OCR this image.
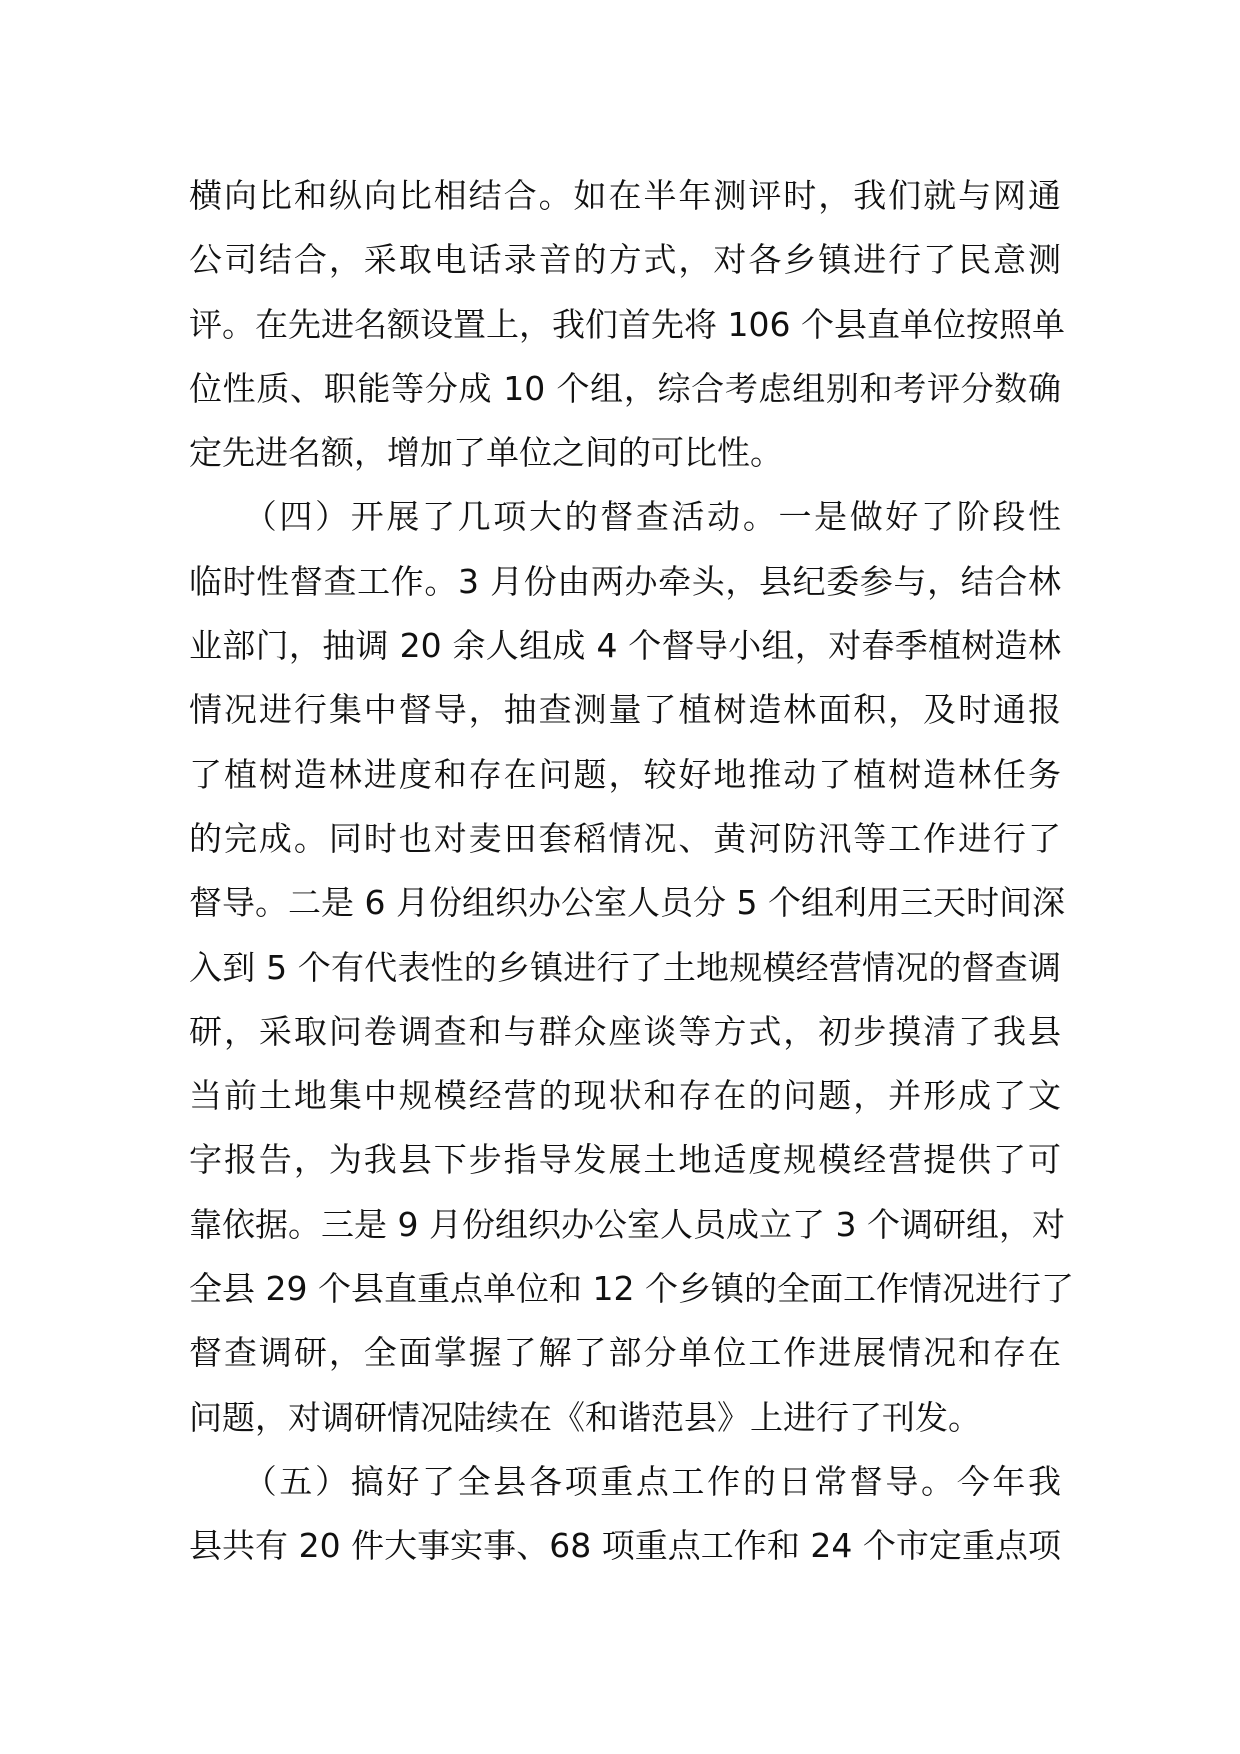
横向比和纵向比相结合。如在半年测评时，我们就与网通
公司结合，采取电话录音的方式，对各乡镇进行了民意测
评。在先进名额设置上，我们首先将 106 个县直单位按照单
位性质、职能等分成 10 个组，综合考虑组别和考评分数确
定先进名额，增加了单位之间的可比性。
　　（四）开展了几项大的督查活动。一是做好了阶段性
临时性督查工作。3 月份由两办牵头，县纪委参与，结合林
业部门，抽调 20 余人组成 4 个督导小组，对春季植树造林
情况进行集中督导，抽查测量了植树造林面积，及时通报
了植树造林进度和存在问题，较好地推动了植树造林任务
的完成。同时也对麦田套稻情况、黄河防汛等工作进行了
督导。二是 6 月份组织办公室人员分 5 个组利用三天时间深
入到 5 个有代表性的乡镇进行了土地规模经营情况的督查调
研，采取问卷调查和与群众座谈等方式，初步摸清了我县
当前土地集中规模经营的现状和存在的问题，并形成了文
字报告，为我县下步指导发展土地适度规模经营提供了可
靠依据。三是 9 月份组织办公室人员成立了 3 个调研组，对
全县 29 个县直重点单位和 12 个乡镇的全面工作情况进行了
督查调研，全面掌握了解了部分单位工作进展情况和存在
问题，对调研情况陆续在《和谐范县》上进行了刊发。
　　（五）搞好了全县各项重点工作的日常督导。今年我
县共有 20 件大事实事、68 项重点工作和 24 个市定重点项
